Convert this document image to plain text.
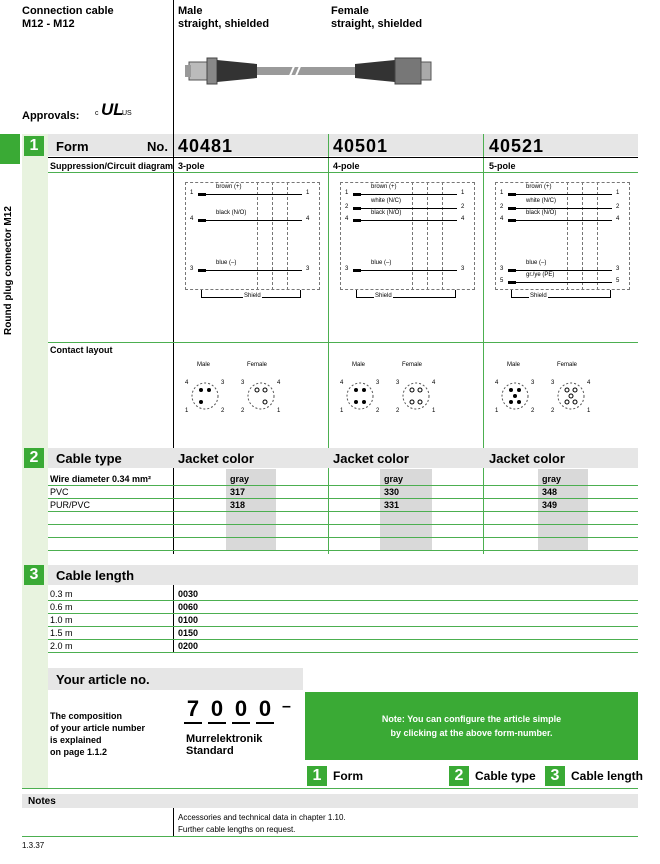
Connection cable
M12 - M12
Male
straight, shielded
Female
straight, shielded
Approvals: c UL
US
Round plug connector M12
1	Form	No. 40481	40501	40521
Suppression/Circuit diagram 3-pole	4-pole	5-pole
Shield
1
brown (+)
1
4
black (N/O)
4
3
blue (–)
3
Shield
1
brown (+)
1
2
white (N/C)
2
4
black (N/O)
4
3
blue (–)
3
Shield
1
brown (+)
1
2
white (N/C)
2
4
black (N/O)
4
3
blue (–)
3
5
gr./ye (PE)
5
Contact layout
Male	Female
4	3
1	2
3	4
2	1
Male	Female
4	3
1	2
3	4
2	1
Male	Female
4	3
1	2
3	4
2	1
2	Cable type	Jacket color	Jacket color	Jacket color
Wire diameter 0.34 mm²	gray	gray	gray
PVC	317	330	348
PUR/PVC	318	331	349
3	Cable length
0.3 m	0030
0.6 m	0060
1.0 m	0100
1.5 m	0150
2.0 m	0200
Your article no.
The composition
of your article number
is explained
on page 1.1.2
7 0 0 0 –
Murrelektronik
Standard
Note: You can configure the article simple
by clicking at the above form-number.
1 Form	2 Cable type 3 Cable length
Notes
Accessories and technical data in chapter 1.10.
Further cable lengths on request.
1.3.37
